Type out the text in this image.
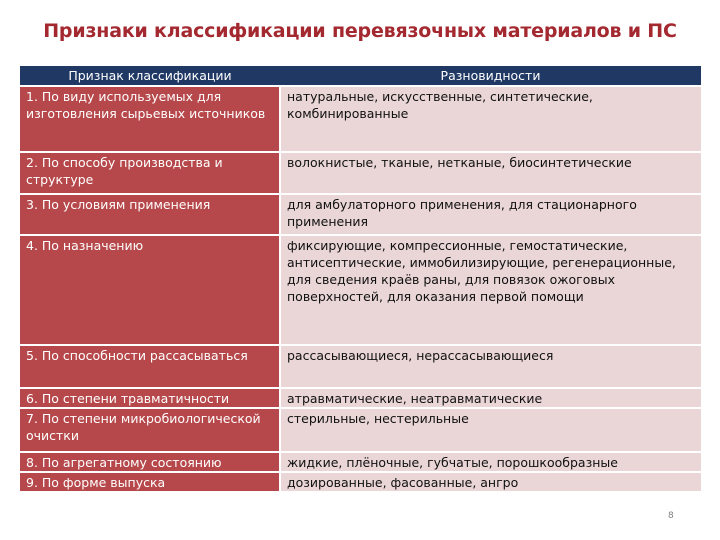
Признаки классификации перевязочных материалов и ПС
Признак классификации	Разновидности
1. По виду используемых для изготовления сырьевых источников	натуральные, искусственные, синтетические, комбинированные
2. По способу производства и структуре	волокнистые, тканые, нетканые, биосинтетические
3. По условиям применения	для амбулаторного применения, для стационарного применения
4. По назначению	фиксирующие, компрессионные, гемостатические, антисептические, иммобилизирующие, регенерационные, для сведения краёв раны, для повязок ожоговых поверхностей, для оказания первой помощи
5. По способности рассасываться	рассасывающиеся, нерассасывающиеся
6. По степени травматичности	атравматические, неатравматические
7. По степени микробиологической очистки	стерильные, нестерильные
8. По агрегатному состоянию	жидкие, плёночные, губчатые, порошкообразные
9. По форме выпуска	дозированные, фасованные, ангро
8
